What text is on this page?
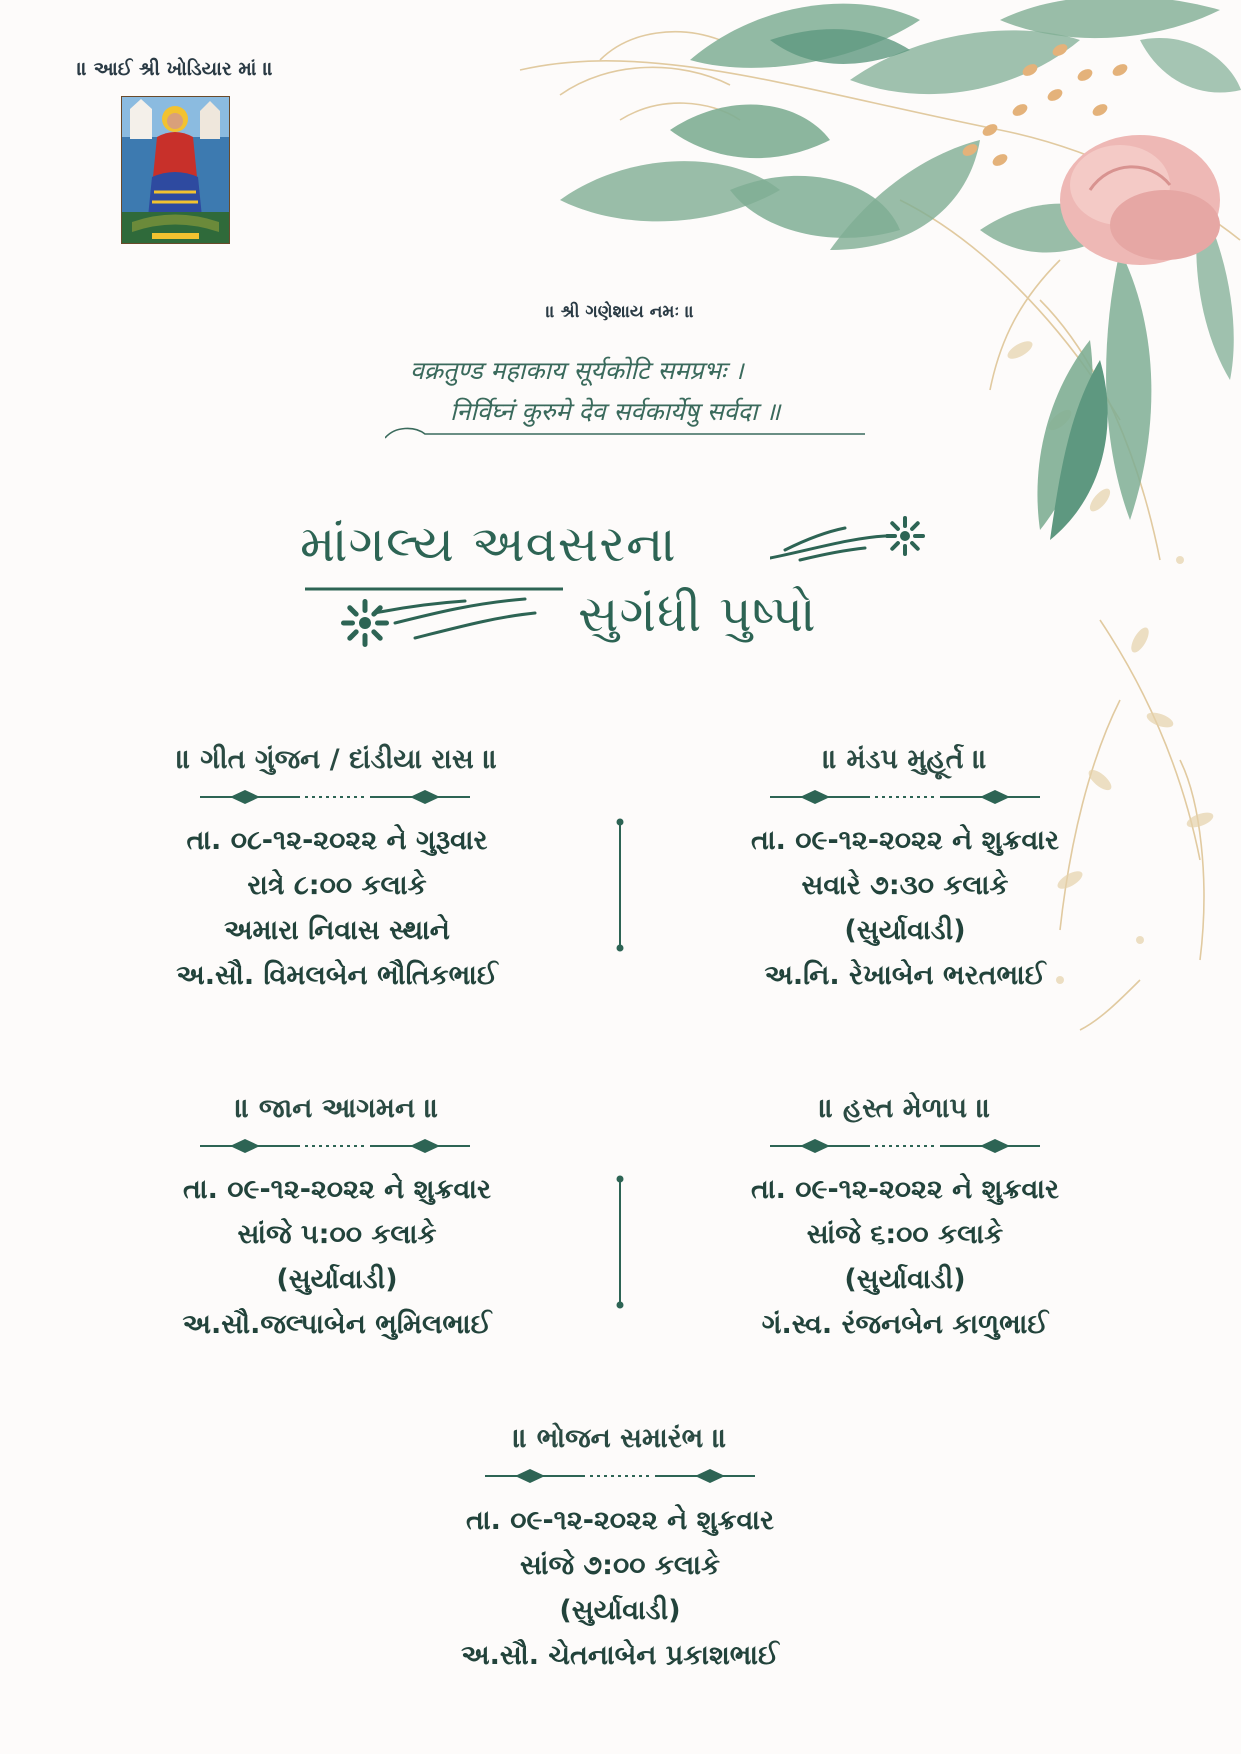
॥ આઈ શ્રી ખોડિયાર માં ॥
॥ શ્રી ગણેશાય નમઃ ॥
वक्रतुण्ड महाकाय सूर्यकोटि समप्रभः ।
निर्विघ्नं कुरुमे देव सर्वकार्येषु सर्वदा ॥
માંગલ્ય અવસરના
સુગંધી પુષ્પો
॥ ગીત ગુંજન / દાંડીયા રાસ ॥
તા. ૦૮-૧૨-૨૦૨૨ ને ગુરૂવાર
રાત્રે ૮:૦૦ કલાકે
અમારા નિવાસ સ્થાને
અ.સૌ. વિમલબેન ભૌતિકભાઈ
॥ મંડપ મુહૂર્ત ॥
તા. ૦૯-૧૨-૨૦૨૨ ને શુક્રવાર
સવારે ૭:૩૦ કલાકે
(સુર્યાવાડી)
અ.નિ. રેખાબેન ભરતભાઈ
॥ જાન આગમન ॥
તા. ૦૯-૧૨-૨૦૨૨ ને શુક્રવાર
સાંજે ૫:૦૦ કલાકે
(સુર્યાવાડી)
અ.સૌ.જલ્પાબેન ભુમિલભાઈ
॥ હસ્ત મેળાપ ॥
તા. ૦૯-૧૨-૨૦૨૨ ને શુક્રવાર
સાંજે ૬:૦૦ કલાકે
(સુર્યાવાડી)
ગં.સ્વ. રંજનબેન કાળુભાઈ
॥ ભોજન સમારંભ ॥
તા. ૦૯-૧૨-૨૦૨૨ ને શુક્રવાર
સાંજે ૭:૦૦ કલાકે
(સુર્યાવાડી)
અ.સૌ. ચેતનાબેન પ્રકાશભાઈ
